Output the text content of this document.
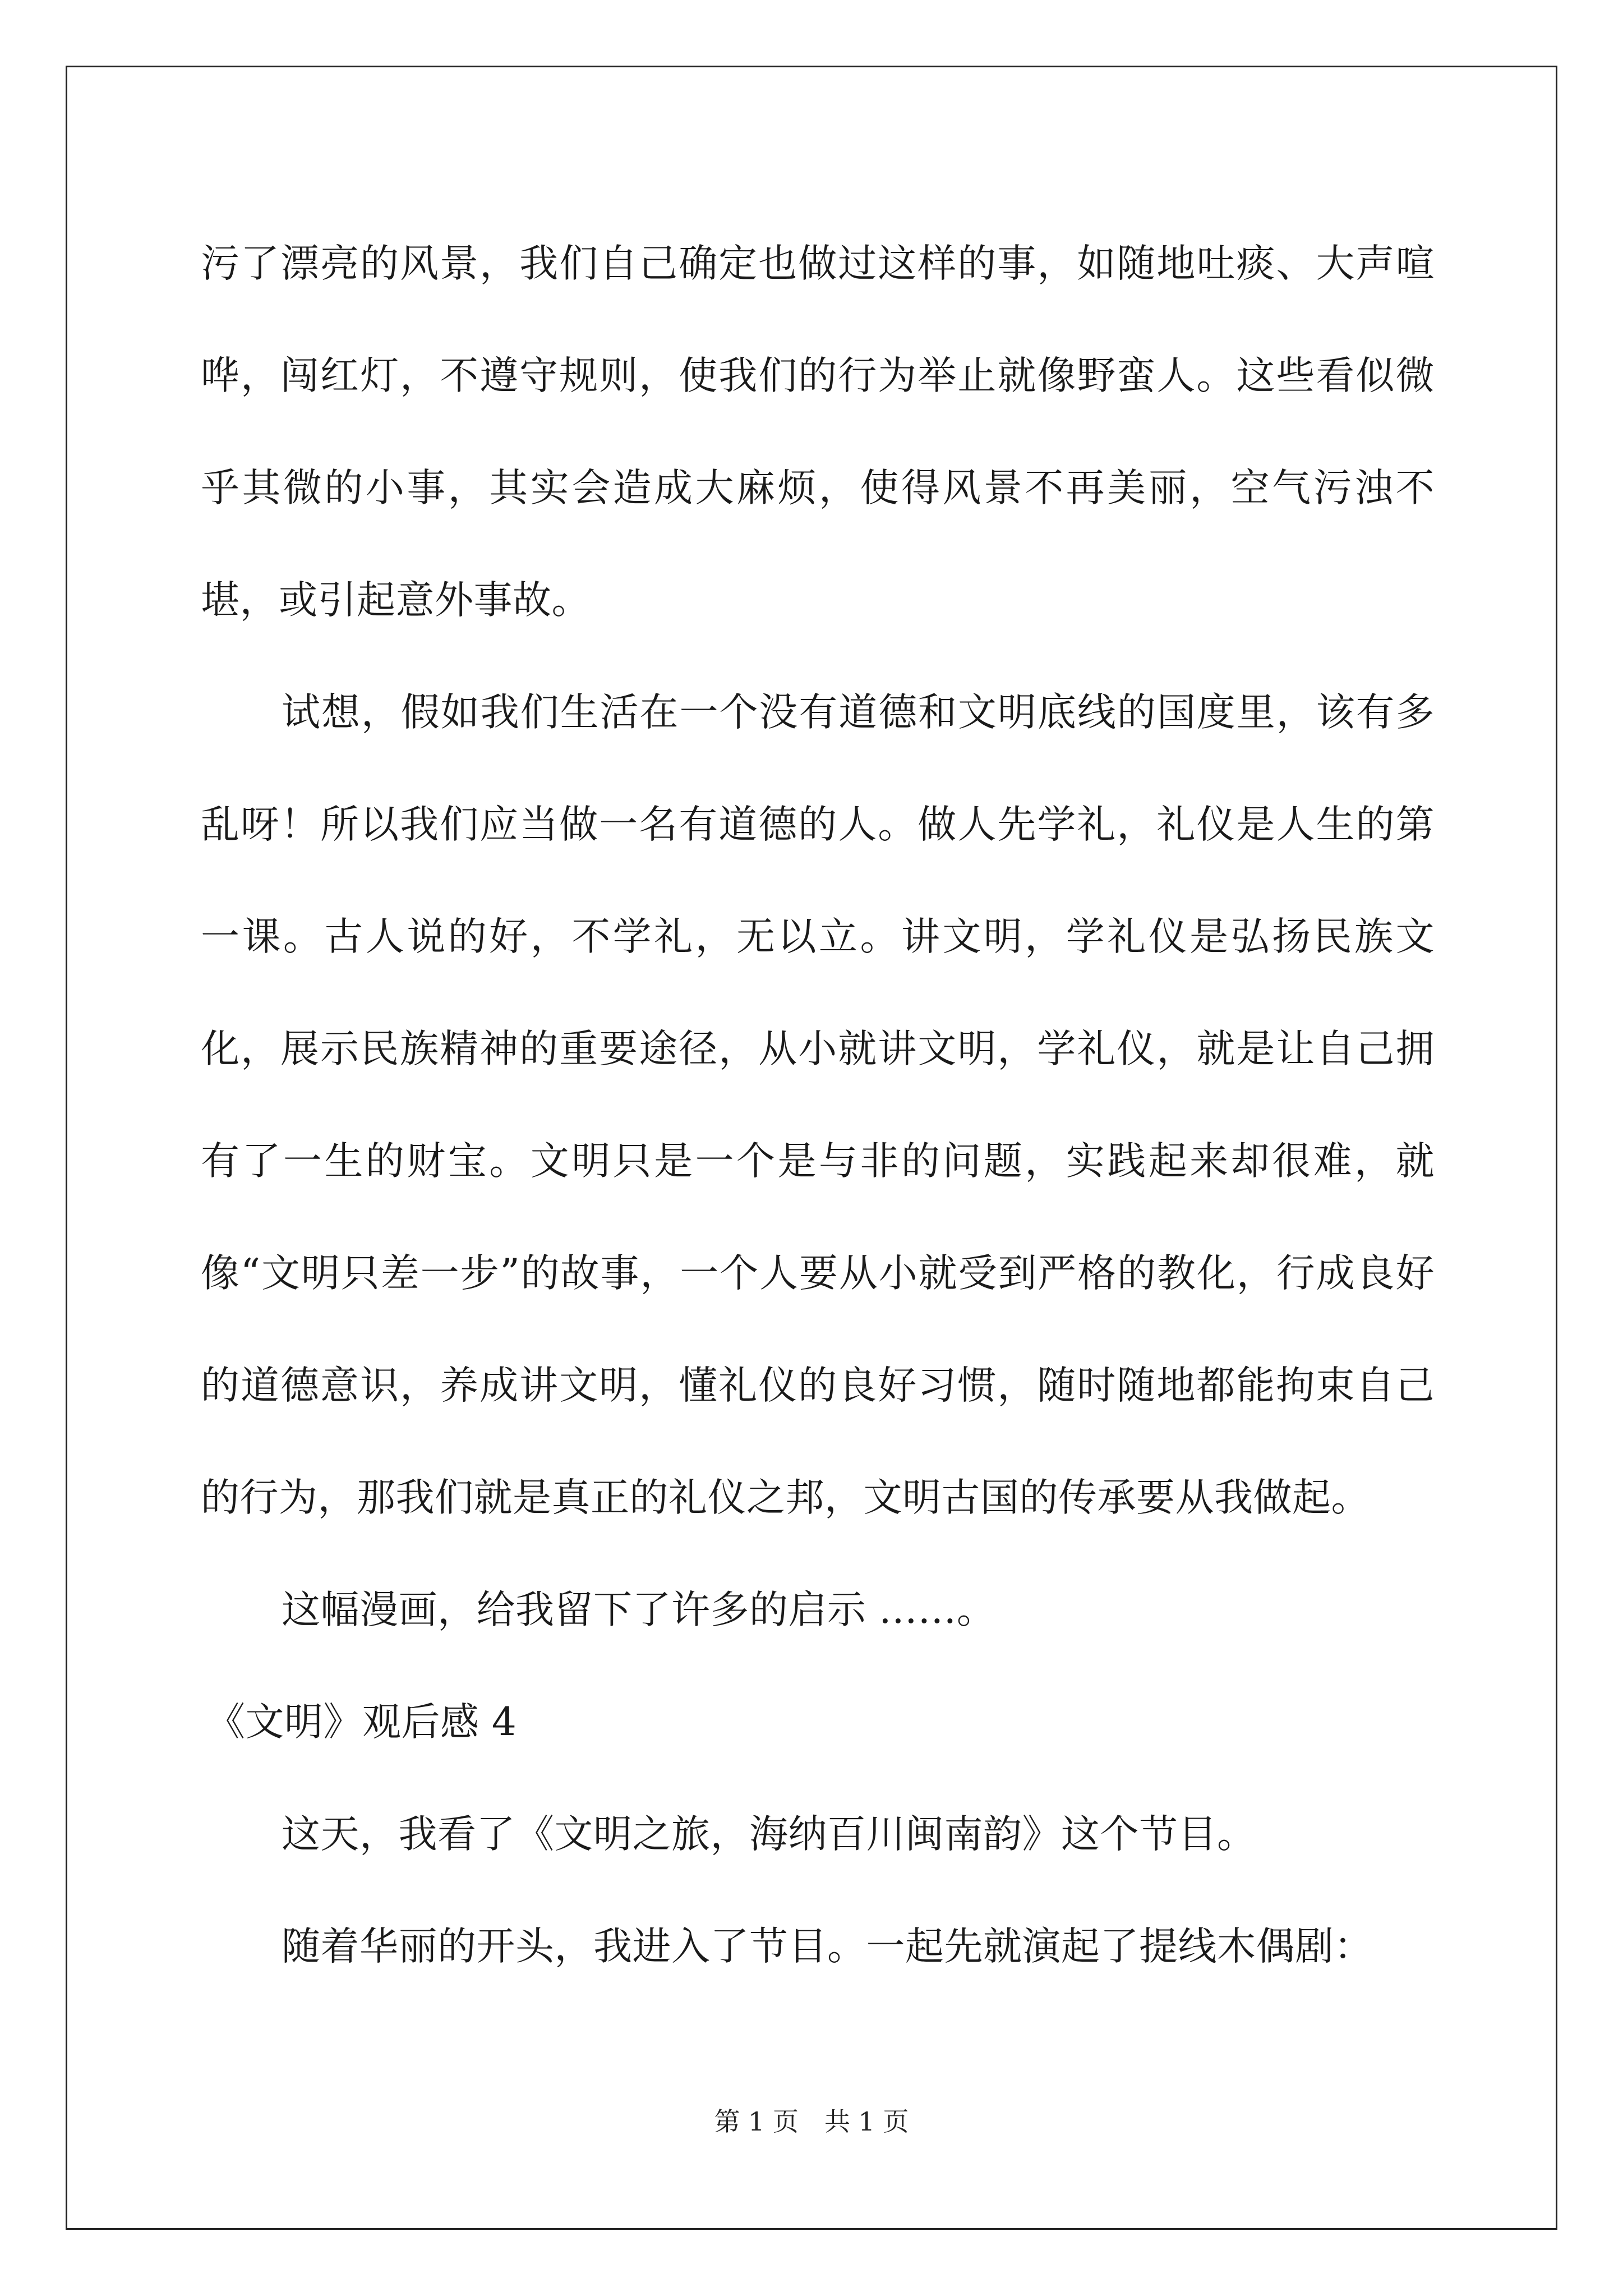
污了漂亮的风景，我们自己确定也做过这样的事，如随地吐痰、大声喧哗，闯红灯，不遵守规则，使我们的行为举止就像野蛮人。这些看似微乎其微的小事，其实会造成大麻烦，使得风景不再美丽，空气污浊不堪，或引起意外事故。

试想，假如我们生活在一个没有道德和文明底线的国度里，该有多乱呀！所以我们应当做一名有道德的人。做人先学礼，礼仪是人生的第一课。古人说的好，不学礼，无以立。讲文明，学礼仪是弘扬民族文化，展示民族精神的重要途径，从小就讲文明，学礼仪，就是让自己拥有了一生的财宝。文明只是一个是与非的问题，实践起来却很难，就像“文明只差一步”的故事，一个人要从小就受到严格的教化，行成良好的道德意识，养成讲文明，懂礼仪的良好习惯，随时随地都能拘束自己的行为，那我们就是真正的礼仪之邦，文明古国的传承要从我做起。

这幅漫画，给我留下了许多的启示 ……。

《文明》观后感 4

这天，我看了《文明之旅，海纳百川闽南韵》这个节目。

随着华丽的开头，我进入了节目。一起先就演起了提线木偶剧：

第 1 页　共 1 页
